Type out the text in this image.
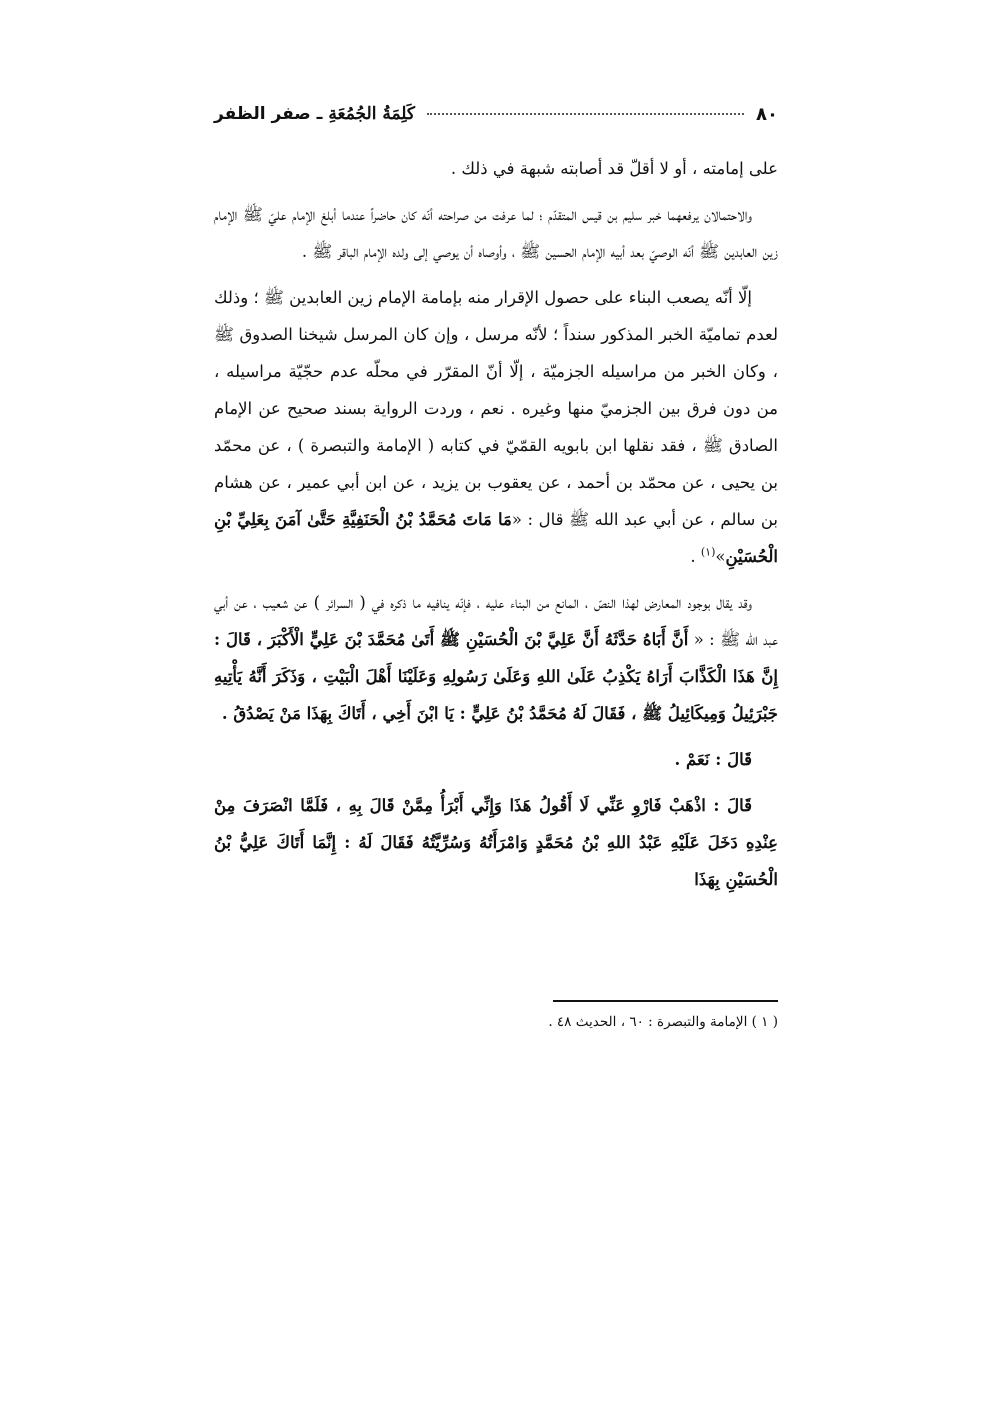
٨٠
كَلِمَةُ الجُمُعَةِ ـ صفر الظفر

على إمامته ، أو لا أقلّ قد أصابته شبهة في ذلك .

والاحتمالان يرفعهما خبر سليم بن قيس المتقدّم ؛ لما عرفت من صراحته أنّه كان حاضراً عندما أبلغ الإمام عليّ ﷺ الإمام زين العابدين ﷺ أنّه الوصيّ بعد أبيه الإمام الحسين ﷺ ، وأوصاه أن يوصي إلى ولده الإمام الباقر ﷺ .

إلّا أنّه يصعب البناء على حصول الإقرار منه بإمامة الإمام زين العابدين ﷺ ؛ وذلك لعدم تماميّة الخبر المذكور سنداً ؛ لأنّه مرسل ، وإن كان المرسل شيخنا الصدوق ﷺ ، وكان الخبر من مراسيله الجزميّة ، إلّا أنّ المقرّر في محلّه عدم حجّيّة مراسيله ، من دون فرق بين الجزميّ منها وغيره . نعم ، وردت الرواية بسند صحيح عن الإمام الصادق ﷺ ، فقد نقلها ابن بابويه القمّيّ في كتابه ( الإمامة والتبصرة ) ، عن محمّد بن يحيى ، عن محمّد بن أحمد ، عن يعقوب بن يزيد ، عن ابن أبي عمير ، عن هشام بن سالم ، عن أبي عبد الله ﷺ قال : «مَا مَاتَ مُحَمَّدُ بْنُ الْحَنَفِيَّةِ حَتَّىٰ آمَنَ بِعَلِيِّ بْنِ الْحُسَيْنِ»$^{(١)}$ .

وقد يقال بوجود المعارض لهذا النصّ ، المانع من البناء عليه ، فإنّه ينافيه ما ذكره في ( السرائر ) عن شعيب ، عن أبي عبد الله ﷺ : « أَنَّ أَبَاهُ حَدَّثَهُ أَنَّ عَلِيَّ بْنَ الْحُسَيْنِ ﷺ أَتَىٰ مُحَمَّدَ بْنَ عَلِيٍّ الْأَكْبَرَ ، قَالَ : إِنَّ هَذَا الْكَذَّابَ أَرَاهُ يَكْذِبُ عَلَىٰ اللهِ وَعَلَىٰ رَسُولِهِ وَعَلَيْنَا أَهْلَ الْبَيْتِ ، وَذَكَرَ أَنَّهُ يَأْتِيهِ جَبْرَئِيلُ وَمِيكَائِيلُ ﷺ ، فَقَالَ لَهُ مُحَمَّدُ بْنُ عَلِيٍّ : يَا ابْنَ أَخِي ، أَتَاكَ بِهَذَا مَنْ يَصْدُقُ .

قَالَ : نَعَمْ .

قَالَ : اذْهَبْ فَارْوِ عَنِّي لَا أَقُولُ هَذَا وَإِنِّي أَبْرَأُ مِمَّنْ قَالَ بِهِ ، فَلَمَّا انْصَرَفَ مِنْ عِنْدِهِ دَخَلَ عَلَيْهِ عَبْدُ اللهِ بْنُ مُحَمَّدٍ وَامْرَأَتُهُ وَسُرِّيَّتُهُ فَقَالَ لَهُ : إِنَّمَا أَتَاكَ عَلِيُّ بْنُ الْحُسَيْنِ بِهَذَا

( ١ ) الإمامة والتبصرة : ٦٠ ، الحديث ٤٨ .
